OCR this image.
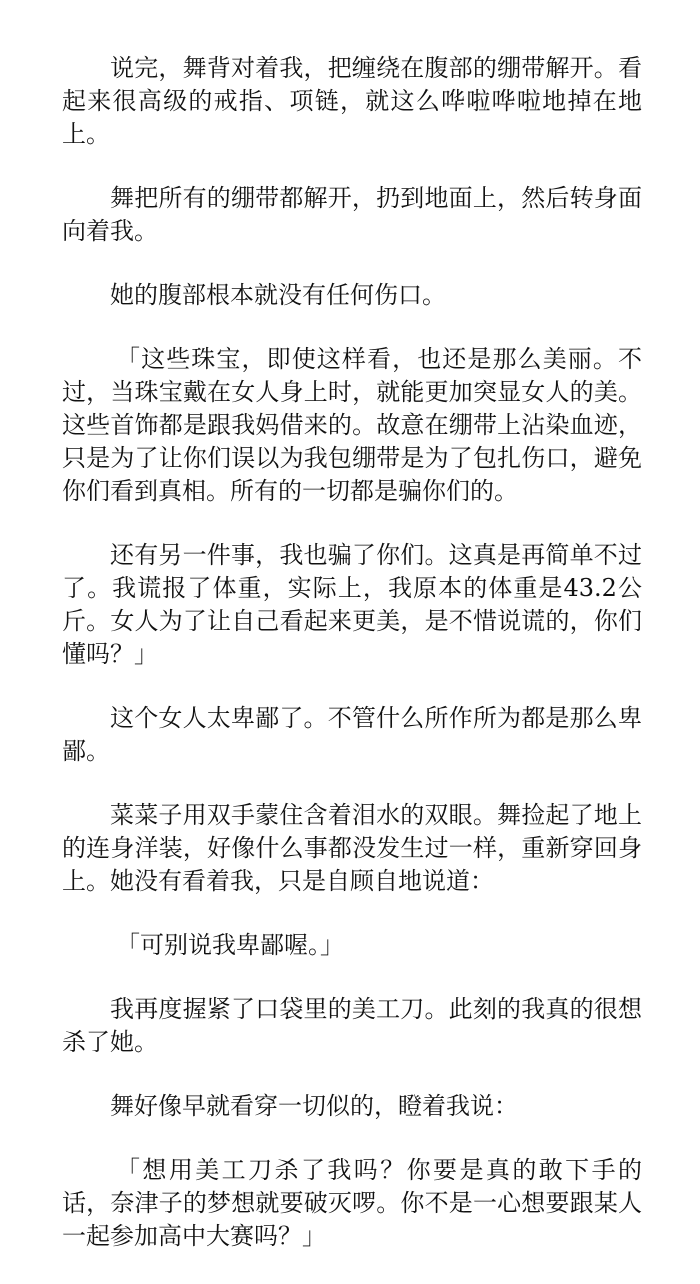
说完，舞背对着我，把缠绕在腹部的绷带解开。看起来很高级的戒指、项链，就这么哗啦哗啦地掉在地上。

舞把所有的绷带都解开，扔到地面上，然后转身面向着我。

她的腹部根本就没有任何伤口。

「这些珠宝，即使这样看，也还是那么美丽。不过，当珠宝戴在女人身上时，就能更加突显女人的美。这些首饰都是跟我妈借来的。故意在绷带上沾染血迹，只是为了让你们误以为我包绷带是为了包扎伤口，避免你们看到真相。所有的一切都是骗你们的。

还有另一件事，我也骗了你们。这真是再简单不过了。我谎报了体重，实际上，我原本的体重是43.2公斤。女人为了让自己看起来更美，是不惜说谎的，你们懂吗？」

这个女人太卑鄙了。不管什么所作所为都是那么卑鄙。

菜菜子用双手蒙住含着泪水的双眼。舞捡起了地上的连身洋装，好像什么事都没发生过一样，重新穿回身上。她没有看着我，只是自顾自地说道：

「可别说我卑鄙喔。」

我再度握紧了口袋里的美工刀。此刻的我真的很想杀了她。

舞好像早就看穿一切似的，瞪着我说：

「想用美工刀杀了我吗？你要是真的敢下手的话，奈津子的梦想就要破灭啰。你不是一心想要跟某人一起参加高中大赛吗？」
